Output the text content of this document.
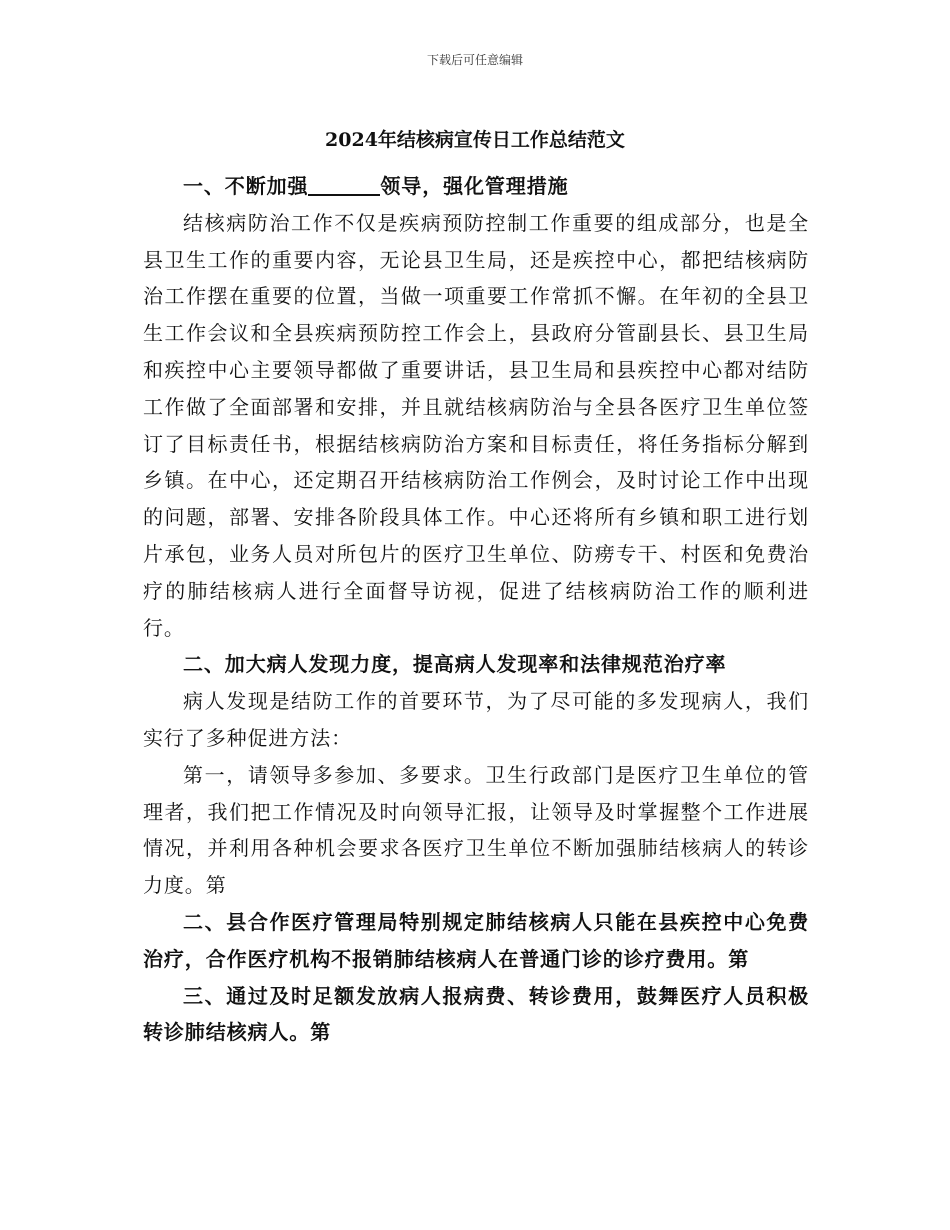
下载后可任意编辑
2024年结核病宣传日工作总结范文

一、不断加强	领导，强化管理措施

结核病防治工作不仅是疾病预防控制工作重要的组成部分，也是全县卫生工作的重要内容，无论县卫生局，还是疾控中心，都把结核病防治工作摆在重要的位置，当做一项重要工作常抓不懈。在年初的全县卫生工作会议和全县疾病预防控工作会上，县政府分管副县长、县卫生局和疾控中心主要领导都做了重要讲话，县卫生局和县疾控中心都对结防工作做了全面部署和安排，并且就结核病防治与全县各医疗卫生单位签订了目标责任书，根据结核病防治方案和目标责任，将任务指标分解到乡镇。在中心，还定期召开结核病防治工作例会，及时讨论工作中出现的问题，部署、安排各阶段具体工作。中心还将所有乡镇和职工进行划片承包，业务人员对所包片的医疗卫生单位、防痨专干、村医和免费治疗的肺结核病人进行全面督导访视，促进了结核病防治工作的顺利进行。

二、加大病人发现力度，提高病人发现率和法律规范治疗率

病人发现是结防工作的首要环节，为了尽可能的多发现病人，我们实行了多种促进方法：

第一，请领导多参加、多要求。卫生行政部门是医疗卫生单位的管理者，我们把工作情况及时向领导汇报，让领导及时掌握整个工作进展情况，并利用各种机会要求各医疗卫生单位不断加强肺结核病人的转诊力度。第

二、县合作医疗管理局特别规定肺结核病人只能在县疾控中心免费治疗，合作医疗机构不报销肺结核病人在普通门诊的诊疗费用。第

三、通过及时足额发放病人报病费、转诊费用，鼓舞医疗人员积极转诊肺结核病人。第
